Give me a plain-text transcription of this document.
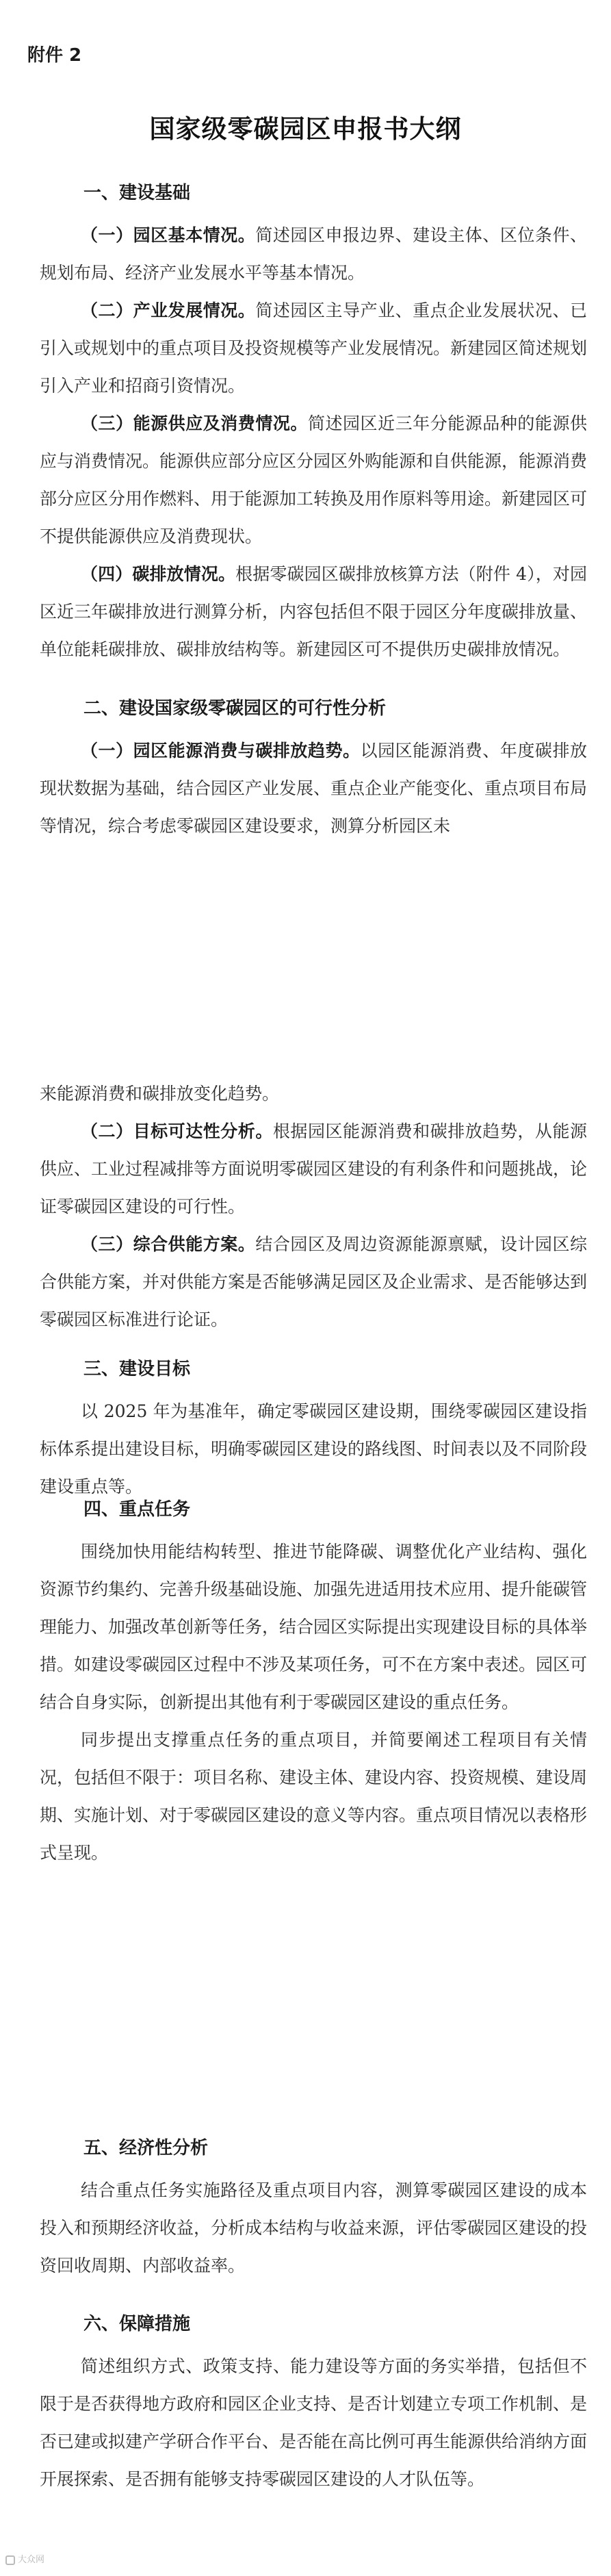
附件 2
国家级零碳园区申报书大纲
一、建设基础

（一）园区基本情况。简述园区申报边界、建设主体、区位条件、规划布局、经济产业发展水平等基本情况。

（二）产业发展情况。简述园区主导产业、重点企业发展状况、已引入或规划中的重点项目及投资规模等产业发展情况。新建园区简述规划引入产业和招商引资情况。

（三）能源供应及消费情况。简述园区近三年分能源品种的能源供应与消费情况。能源供应部分应区分园区外购能源和自供能源，能源消费部分应区分用作燃料、用于能源加工转换及用作原料等用途。新建园区可不提供能源供应及消费现状。

（四）碳排放情况。根据零碳园区碳排放核算方法（附件 4），对园区近三年碳排放进行测算分析，内容包括但不限于园区分年度碳排放量、单位能耗碳排放、碳排放结构等。新建园区可不提供历史碳排放情况。

二、建设国家级零碳园区的可行性分析

（一）园区能源消费与碳排放趋势。以园区能源消费、年度碳排放现状数据为基础，结合园区产业发展、重点企业产能变化、重点项目布局等情况，综合考虑零碳园区建设要求，测算分析园区未

来能源消费和碳排放变化趋势。

（二）目标可达性分析。根据园区能源消费和碳排放趋势，从能源供应、工业过程减排等方面说明零碳园区建设的有利条件和问题挑战，论证零碳园区建设的可行性。

（三）综合供能方案。结合园区及周边资源能源禀赋，设计园区综合供能方案，并对供能方案是否能够满足园区及企业需求、是否能够达到零碳园区标准进行论证。

三、建设目标

以 2025 年为基准年，确定零碳园区建设期，围绕零碳园区建设指标体系提出建设目标，明确零碳园区建设的路线图、时间表以及不同阶段建设重点等。

四、重点任务

围绕加快用能结构转型、推进节能降碳、调整优化产业结构、强化资源节约集约、完善升级基础设施、加强先进适用技术应用、提升能碳管理能力、加强改革创新等任务，结合园区实际提出实现建设目标的具体举措。如建设零碳园区过程中不涉及某项任务，可不在方案中表述。园区可结合自身实际，创新提出其他有利于零碳园区建设的重点任务。

同步提出支撑重点任务的重点项目，并简要阐述工程项目有关情况，包括但不限于：项目名称、建设主体、建设内容、投资规模、建设周期、实施计划、对于零碳园区建设的意义等内容。重点项目情况以表格形式呈现。

五、经济性分析

结合重点任务实施路径及重点项目内容，测算零碳园区建设的成本投入和预期经济收益，分析成本结构与收益来源，评估零碳园区建设的投资回收周期、内部收益率。

六、保障措施

简述组织方式、政策支持、能力建设等方面的务实举措，包括但不限于是否获得地方政府和园区企业支持、是否计划建立专项工作机制、是否已建或拟建产学研合作平台、是否能在高比例可再生能源供给消纳方面开展探索、是否拥有能够支持零碳园区建设的人才队伍等。

大众网
